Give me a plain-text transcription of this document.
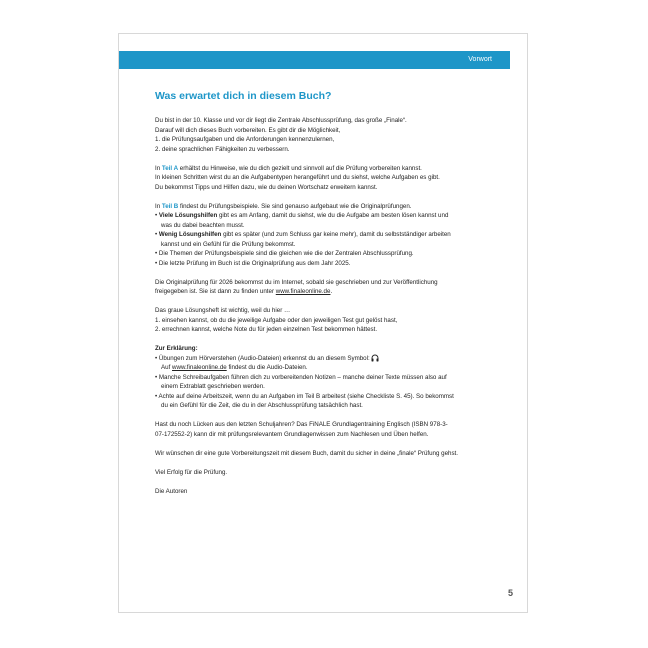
Vorwort
Was erwartet dich in diesem Buch?
Du bist in der 10. Klasse und vor dir liegt die Zentrale Abschlussprüfung, das große „Finale“.
Darauf will dich dieses Buch vorbereiten. Es gibt dir die Möglichkeit,
1. die Prüfungsaufgaben und die Anforderungen kennenzulernen,
2. deine sprachlichen Fähigkeiten zu verbessern.
In Teil A erhältst du Hinweise, wie du dich gezielt und sinnvoll auf die Prüfung vorbereiten kannst.
In kleinen Schritten wirst du an die Aufgabentypen herangeführt und du siehst, welche Aufgaben es gibt.
Du bekommst Tipps und Hilfen dazu, wie du deinen Wortschatz erweitern kannst.
In Teil B findest du Prüfungsbeispiele. Sie sind genauso aufgebaut wie die Originalprüfungen.
• Viele Lösungshilfen gibt es am Anfang, damit du siehst, wie du die Aufgabe am besten lösen kannst und
was du dabei beachten musst.
• Wenig Lösungshilfen gibt es später (und zum Schluss gar keine mehr), damit du selbstständiger arbeiten
kannst und ein Gefühl für die Prüfung bekommst.
• Die Themen der Prüfungsbeispiele sind die gleichen wie die der Zentralen Abschlussprüfung.
• Die letzte Prüfung im Buch ist die Originalprüfung aus dem Jahr 2025.
Die Originalprüfung für 2026 bekommst du im Internet, sobald sie geschrieben und zur Veröffentlichung
freigegeben ist. Sie ist dann zu finden unter www.finaleonline.de.
Das graue Lösungsheft ist wichtig, weil du hier …
1. einsehen kannst, ob du die jeweilige Aufgabe oder den jeweiligen Test gut gelöst hast,
2. errechnen kannst, welche Note du für jeden einzelnen Test bekommen hättest.
Zur Erklärung:
• Übungen zum Hörverstehen (Audio-Dateien) erkennst du an diesem Symbol:
Auf www.finaleonline.de findest du die Audio-Dateien.
• Manche Schreibaufgaben führen dich zu vorbereitenden Notizen – manche deiner Texte müssen also auf
einem Extrablatt geschrieben werden.
• Achte auf deine Arbeitszeit, wenn du an Aufgaben im Teil B arbeitest (siehe Checkliste S. 45). So bekommst
du ein Gefühl für die Zeit, die du in der Abschlussprüfung tatsächlich hast.
Hast du noch Lücken aus den letzten Schuljahren? Das FiNALE Grundlagentraining Englisch (ISBN 978-3-
07-172552-2) kann dir mit prüfungsrelevantem Grundlagenwissen zum Nachlesen und Üben helfen.
Wir wünschen dir eine gute Vorbereitungszeit mit diesem Buch, damit du sicher in deine „finale“ Prüfung gehst.
Viel Erfolg für die Prüfung.
Die Autoren
5
